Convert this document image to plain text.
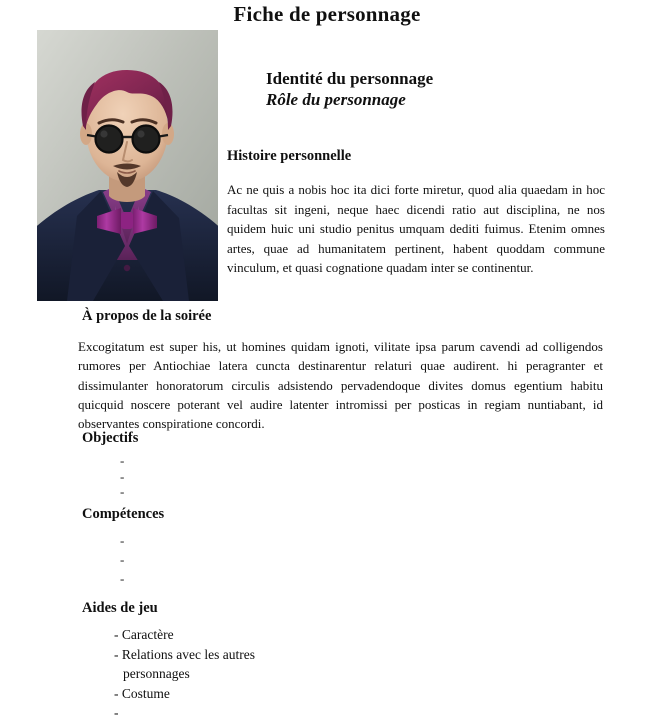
Fiche de personnage
Identité du personnage
Rôle du personnage
Histoire personnelle
Ac ne quis a nobis hoc ita dici forte miretur, quod alia quaedam in hoc facultas sit ingeni, neque haec dicendi ratio aut disciplina, ne nos quidem huic uni studio penitus umquam dediti fuimus. Etenim omnes artes, quae ad humanitatem pertinent, habent quoddam commune vinculum, et quasi cognatione quadam inter se continentur.
À propos de la soirée
Excogitatum est super his, ut homines quidam ignoti, vilitate ipsa parum cavendi ad colligendos rumores per Antiochiae latera cuncta destinarentur relaturi quae audirent. hi peragranter et dissimulanter honoratorum circulis adsistendo pervadendoque divites domus egentium habitu quicquid noscere poterant vel audire latenter intromissi per posticas in regiam nuntiabant, id observantes conspiratione concordi.
Objectifs
-
-
-
Compétences
-
-
-
Aides de jeu
- Caractère
- Relations avec les autres personnages
- Costume
-
